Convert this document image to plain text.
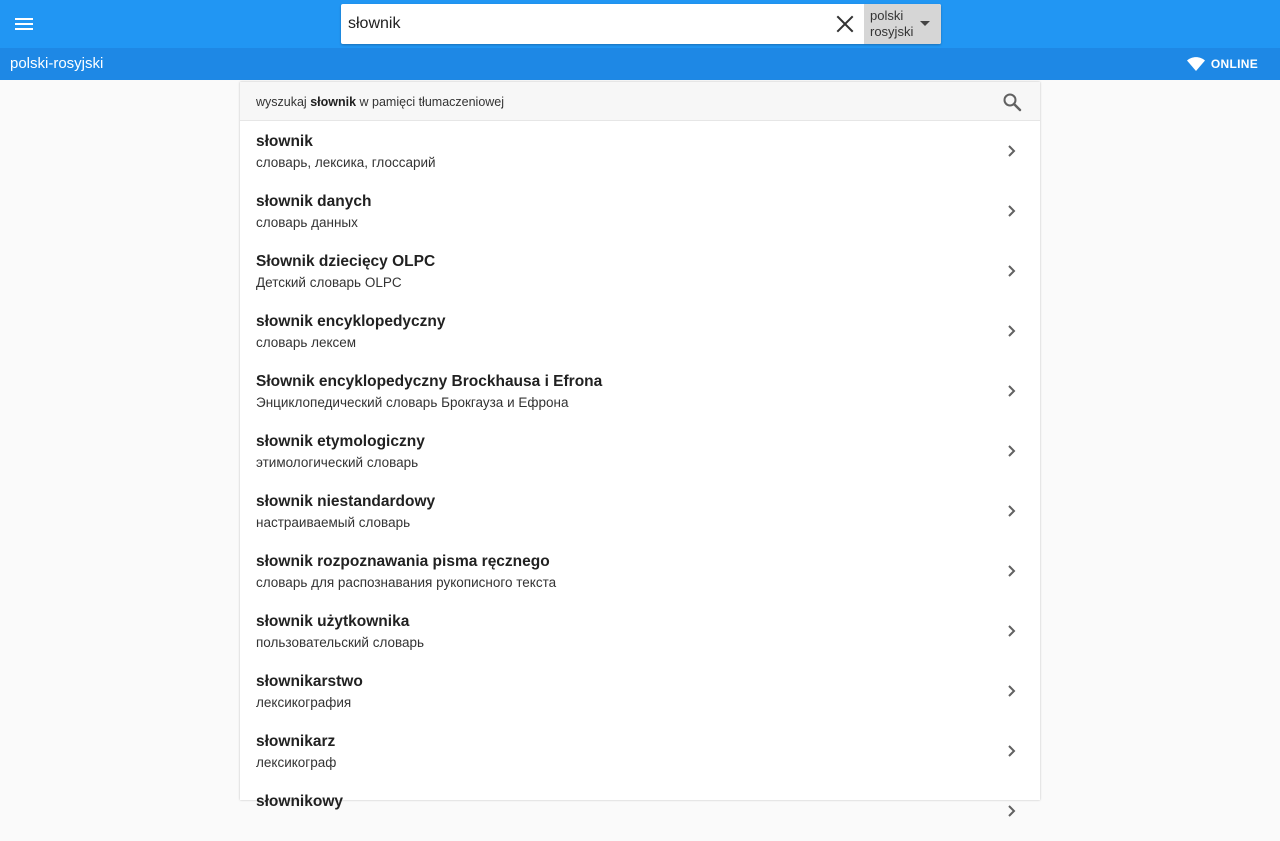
słownik
polski
rosyjski
polski-rosyjski	ONLINE
wyszukaj słownik w pamięci tłumaczeniowej
słownik
словарь, лексика, глоссарий
słownik danych
словарь данных
Słownik dziecięcy OLPC
Детский словарь OLPC
słownik encyklopedyczny
словарь лексем
Słownik encyklopedyczny Brockhausa i Efrona
Энциклопедический словарь Брокгауза и Ефрона
słownik etymologiczny
этимологический словарь
słownik niestandardowy
настраиваемый словарь
słownik rozpoznawania pisma ręcznego
словарь для распознавания рукописного текста
słownik użytkownika
пользовательский словарь
słownikarstwo
лексикография
słownikarz
лексикограф
słownikowy
